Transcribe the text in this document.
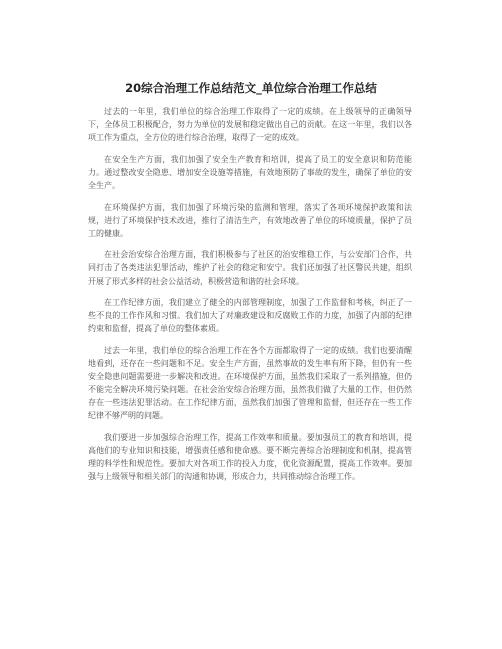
20综合治理工作总结范文_单位综合治理工作总结

过去的一年里，我们单位的综合治理工作取得了一定的成绩。在上级领导的正确领导下，全体员工积极配合，努力为单位的发展和稳定做出自己的贡献。在这一年里，我们以各项工作为重点，全方位的进行综合治理，取得了一定的成效。

在安全生产方面，我们加强了安全生产教育和培训，提高了员工的安全意识和防范能力。通过整改安全隐患、增加安全设施等措施，有效地预防了事故的发生，确保了单位的安全生产。

在环境保护方面，我们加强了环境污染的监测和管理，落实了各项环境保护政策和法规，进行了环境保护技术改进，推行了清洁生产，有效地改善了单位的环境质量，保护了员工的健康。

在社会治安综合治理方面，我们积极参与了社区的治安维稳工作，与公安部门合作，共同打击了各类违法犯罪活动，维护了社会的稳定和安宁。我们还加强了社区警民共建，组织开展了形式多样的社会公益活动，积极营造和谐的社会环境。

在工作纪律方面，我们建立了健全的内部管理制度，加强了工作监督和考核，纠正了一些不良的工作作风和习惯。我们加大了对廉政建设和反腐败工作的力度，加强了内部的纪律约束和监督，提高了单位的整体素质。

过去一年里，我们单位的综合治理工作在各个方面都取得了一定的成绩。我们也要清醒地看到，还存在一些问题和不足。安全生产方面，虽然事故的发生率有所下降，但仍有一些安全隐患问题需要进一步解决和改进。在环境保护方面，虽然我们采取了一系列措施，但仍不能完全解决环境污染问题。在社会治安综合治理方面，虽然我们做了大量的工作，但仍然存在一些违法犯罪活动。在工作纪律方面，虽然我们加强了管理和监督，但还存在一些工作纪律不够严明的问题。

我们要进一步加强综合治理工作，提高工作效率和质量。要加强员工的教育和培训，提高他们的专业知识和技能，增强责任感和使命感。要不断完善综合治理制度和机制，提高管理的科学性和规范性。要加大对各项工作的投入力度，优化资源配置，提高工作效率。要加强与上级领导和相关部门的沟通和协调，形成合力，共同推动综合治理工作。
